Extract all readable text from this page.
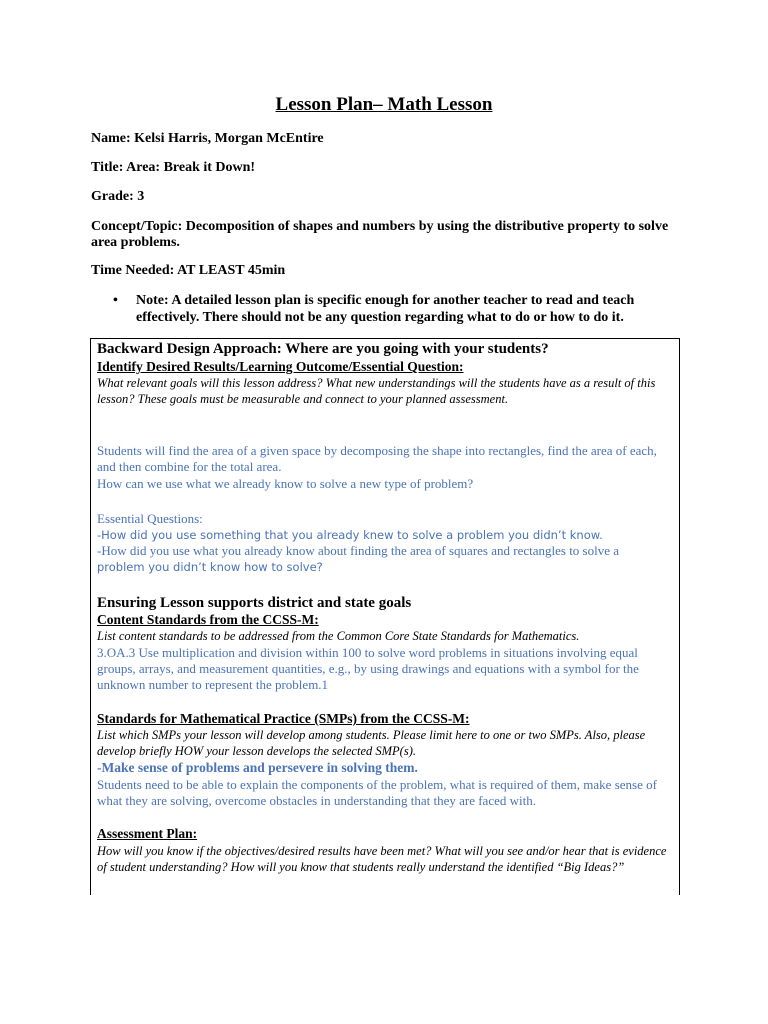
Lesson Plan– Math Lesson
Name: Kelsi Harris, Morgan McEntire
Title: Area: Break it Down!
Grade: 3
Concept/Topic: Decomposition of shapes and numbers by using the distributive property to solve area problems.
Time Needed: AT LEAST 45min
• Note: A detailed lesson plan is specific enough for another teacher to read and teach effectively. There should not be any question regarding what to do or how to do it.
Backward Design Approach: Where are you going with your students?
Identify Desired Results/Learning Outcome/Essential Question:
What relevant goals will this lesson address? What new understandings will the students have as a result of this lesson? These goals must be measurable and connect to your planned assessment.
Students will find the area of a given space by decomposing the shape into rectangles, find the area of each, and then combine for the total area.
How can we use what we already know to solve a new type of problem?
Essential Questions:
-How did you use something that you already knew to solve a problem you didn’t know.
-How did you use what you already know about finding the area of squares and rectangles to solve a
problem you didn’t know how to solve?
Ensuring Lesson supports district and state goals
Content Standards from the CCSS-M:
List content standards to be addressed from the Common Core State Standards for Mathematics.
3.OA.3 Use multiplication and division within 100 to solve word problems in situations involving equal groups, arrays, and measurement quantities, e.g., by using drawings and equations with a symbol for the unknown number to represent the problem.1
Standards for Mathematical Practice (SMPs) from the CCSS-M:
List which SMPs your lesson will develop among students. Please limit here to one or two SMPs. Also, please develop briefly HOW your lesson develops the selected SMP(s).
-Make sense of problems and persevere in solving them.
Students need to be able to explain the components of the problem, what is required of them, make sense of what they are solving, overcome obstacles in understanding that they are faced with.
Assessment Plan:
How will you know if the objectives/desired results have been met? What will you see and/or hear that is evidence of student understanding? How will you know that students really understand the identified “Big Ideas?”
